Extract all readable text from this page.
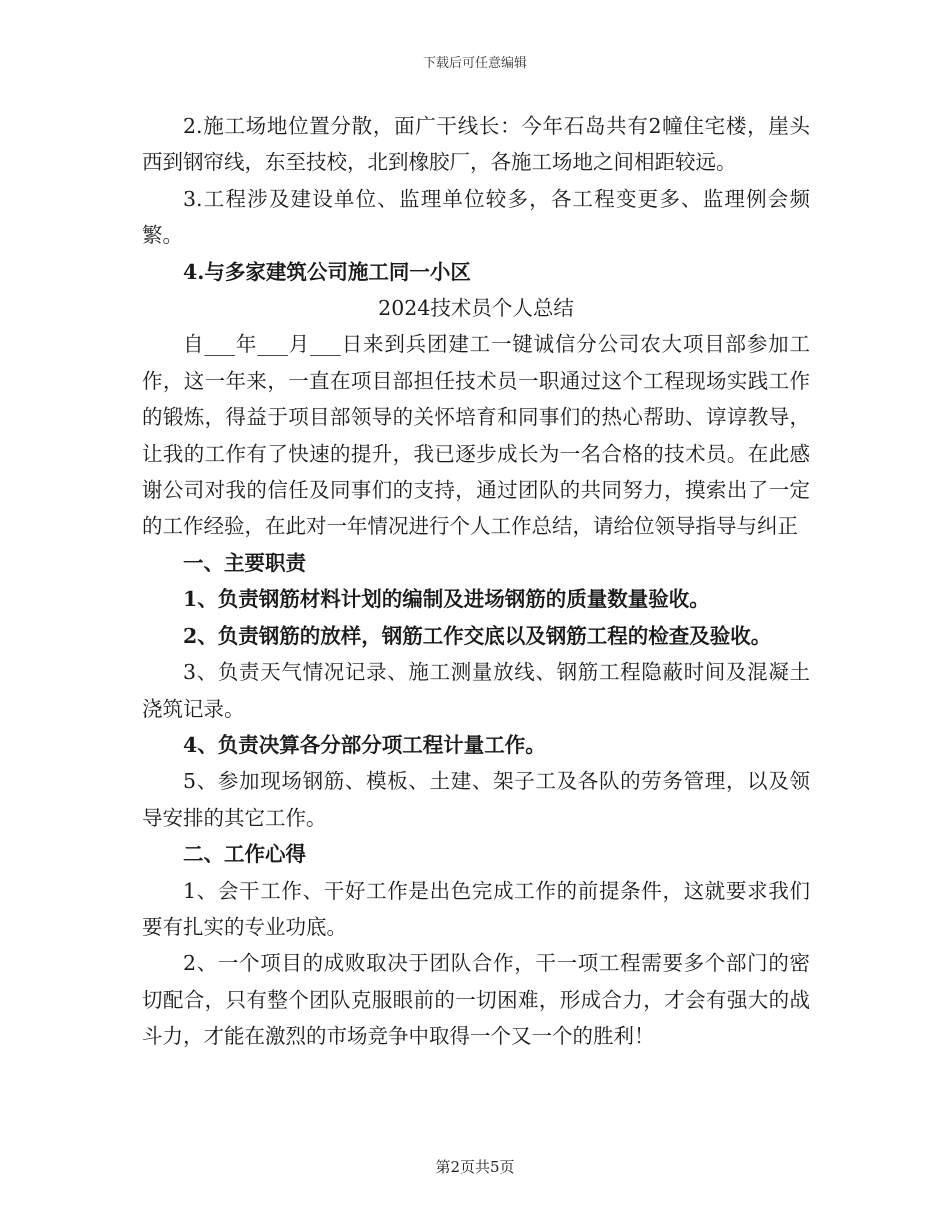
下载后可任意编辑

2.施工场地位置分散，面广干线长：今年石岛共有2幢住宅楼，崖头西到钢帘线，东至技校，北到橡胶厂，各施工场地之间相距较远。

3.工程涉及建设单位、监理单位较多，各工程变更多、监理例会频繁。

4.与多家建筑公司施工同一小区

2024技术员个人总结

自___年___月___日来到兵团建工一键诚信分公司农大项目部参加工作，这一年来，一直在项目部担任技术员一职通过这个工程现场实践工作的锻炼，得益于项目部领导的关怀培育和同事们的热心帮助、谆谆教导，让我的工作有了快速的提升，我已逐步成长为一名合格的技术员。在此感谢公司对我的信任及同事们的支持，通过团队的共同努力，摸索出了一定的工作经验，在此对一年情况进行个人工作总结，请给位领导指导与纠正

一、主要职责

1、负责钢筋材料计划的编制及进场钢筋的质量数量验收。

2、负责钢筋的放样，钢筋工作交底以及钢筋工程的检查及验收。

3、负责天气情况记录、施工测量放线、钢筋工程隐蔽时间及混凝土浇筑记录。

4、负责决算各分部分项工程计量工作。

5、参加现场钢筋、模板、土建、架子工及各队的劳务管理，以及领导安排的其它工作。

二、工作心得

1、会干工作、干好工作是出色完成工作的前提条件，这就要求我们要有扎实的专业功底。

2、一个项目的成败取决于团队合作，干一项工程需要多个部门的密切配合，只有整个团队克服眼前的一切困难，形成合力，才会有强大的战斗力，才能在激烈的市场竞争中取得一个又一个的胜利！

第2页共5页
